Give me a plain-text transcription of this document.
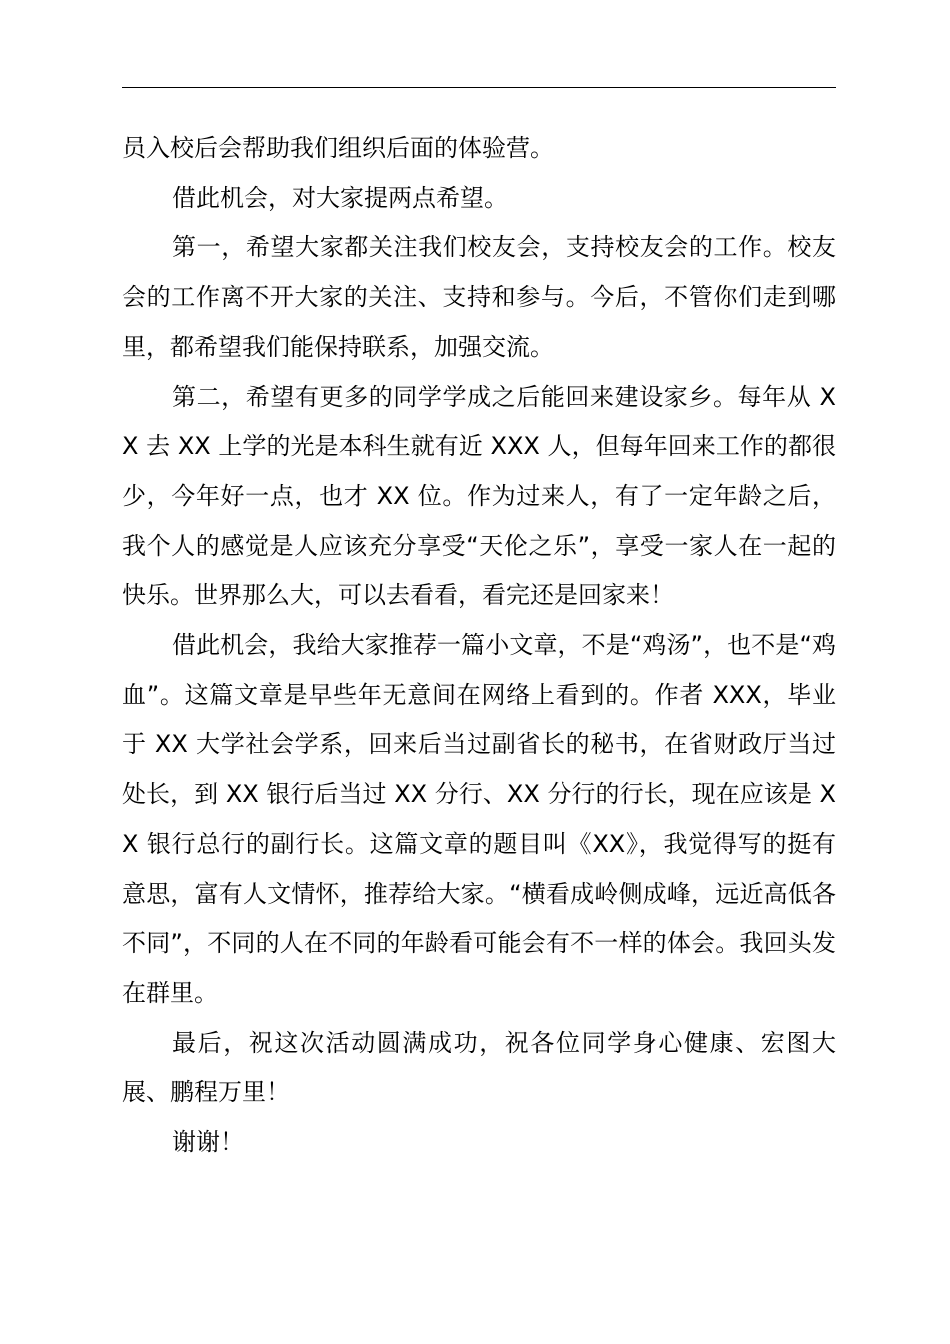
员入校后会帮助我们组织后面的体验营。

借此机会，对大家提两点希望。

第一，希望大家都关注我们校友会，支持校友会的工作。校友会的工作离不开大家的关注、支持和参与。今后，不管你们走到哪里，都希望我们能保持联系，加强交流。

第二，希望有更多的同学学成之后能回来建设家乡。每年从 XX 去 XX 上学的光是本科生就有近 XXX 人，但每年回来工作的都很少，今年好一点，也才 XX 位。作为过来人，有了一定年龄之后，我个人的感觉是人应该充分享受“天伦之乐”，享受一家人在一起的快乐。世界那么大，可以去看看，看完还是回家来！

借此机会，我给大家推荐一篇小文章，不是“鸡汤”，也不是“鸡血”。这篇文章是早些年无意间在网络上看到的。作者 XXX，毕业于 XX 大学社会学系，回来后当过副省长的秘书，在省财政厅当过处长，到 XX 银行后当过 XX 分行、XX 分行的行长，现在应该是 XX 银行总行的副行长。这篇文章的题目叫《XX》，我觉得写的挺有意思，富有人文情怀，推荐给大家。“横看成岭侧成峰，远近高低各不同”，不同的人在不同的年龄看可能会有不一样的体会。我回头发在群里。

最后，祝这次活动圆满成功，祝各位同学身心健康、宏图大展、鹏程万里！

谢谢！
